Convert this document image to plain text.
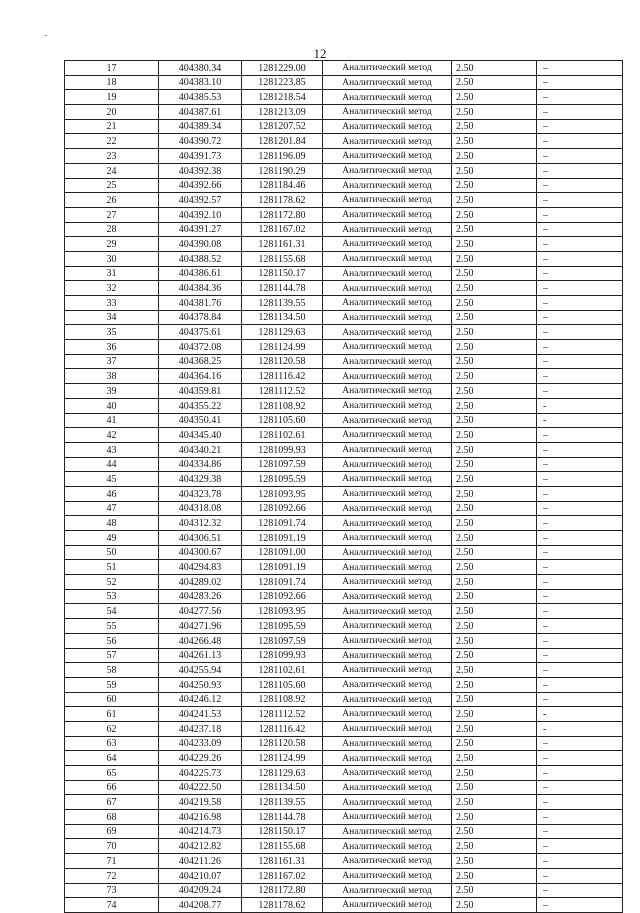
-
12
17	404380.34	1281229.00	Аналитический метод	2.50	–
18	404383.10	1281223.85	Аналитический метод	2.50	–
19	404385.53	1281218.54	Аналитический метод	2.50	–
20	404387.61	1281213.09	Аналитический метод	2.50	–
21	404389.34	1281207.52	Аналитический метод	2.50	–
22	404390.72	1281201.84	Аналитический метод	2.50	–
23	404391.73	1281196.09	Аналитический метод	2.50	–
24	404392.38	1281190.29	Аналитический метод	2.50	–
25	404392.66	1281184.46	Аналитический метод	2.50	–
26	404392.57	1281178.62	Аналитический метод	2.50	–
27	404392.10	1281172.80	Аналитический метод	2.50	–
28	404391.27	1281167.02	Аналитический метод	2.50	–
29	404390.08	1281161.31	Аналитический метод	2.50	–
30	404388.52	1281155.68	Аналитический метод	2.50	–
31	404386.61	1281150.17	Аналитический метод	2.50	–
32	404384.36	1281144.78	Аналитический метод	2.50	–
33	404381.76	1281139.55	Аналитический метод	2.50	–
34	404378.84	1281134.50	Аналитический метод	2.50	–
35	404375.61	1281129.63	Аналитический метод	2.50	–
36	404372.08	1281124.99	Аналитический метод	2.50	–
37	404368.25	1281120.58	Аналитический метод	2.50	–
38	404364.16	1281116.42	Аналитический метод	2.50	–
39	404359.81	1281112.52	Аналитический метод	2.50	–
40	404355.22	1281108.92	Аналитический метод	2.50	-
41	404350.41	1281105.60	Аналитический метод	2.50	-
42	404345.40	1281102.61	Аналитический метод	2.50	–
43	404340.21	1281099.93	Аналитический метод	2.50	–
44	404334.86	1281097.59	Аналитический метод	2.50	–
45	404329.38	1281095.59	Аналитический метод	2.50	–
46	404323.78	1281093.95	Аналитический метод	2.50	–
47	404318.08	1281092.66	Аналитический метод	2.50	–
48	404312.32	1281091.74	Аналитический метод	2.50	–
49	404306.51	1281091.19	Аналитический метод	2.50	–
50	404300.67	1281091.00	Аналитический метод	2.50	–
51	404294.83	1281091.19	Аналитический метод	2.50	–
52	404289.02	1281091.74	Аналитический метод	2.50	–
53	404283.26	1281092.66	Аналитический метод	2.50	–
54	404277.56	1281093.95	Аналитический метод	2.50	–
55	404271.96	1281095.59	Аналитический метод	2.50	–
56	404266.48	1281097.59	Аналитический метод	2.50	–
57	404261.13	1281099.93	Аналитический метод	2.50	–
58	404255.94	1281102.61	Аналитический метод	2.50	–
59	404250.93	1281105.60	Аналитический метод	2.50	–
60	404246.12	1281108.92	Аналитический метод	2.50	–
61	404241.53	1281112.52	Аналитический метод	2.50	-
62	404237.18	1281116.42	Аналитический метод	2.50	-
63	404233.09	1281120.58	Аналитический метод	2.50	–
64	404229.26	1281124.99	Аналитический метод	2.50	–
65	404225.73	1281129.63	Аналитический метод	2.50	–
66	404222.50	1281134.50	Аналитический метод	2.50	–
67	404219.58	1281139.55	Аналитический метод	2.50	–
68	404216.98	1281144.78	Аналитический метод	2.50	–
69	404214.73	1281150.17	Аналитический метод	2.50	–
70	404212.82	1281155.68	Аналитический метод	2.50	–
71	404211.26	1281161.31	Аналитический метод	2.50	–
72	404210.07	1281167.02	Аналитический метод	2.50	–
73	404209.24	1281172.80	Аналитический метод	2.50	–
74	404208.77	1281178.62	Аналитический метод	2.50	–
